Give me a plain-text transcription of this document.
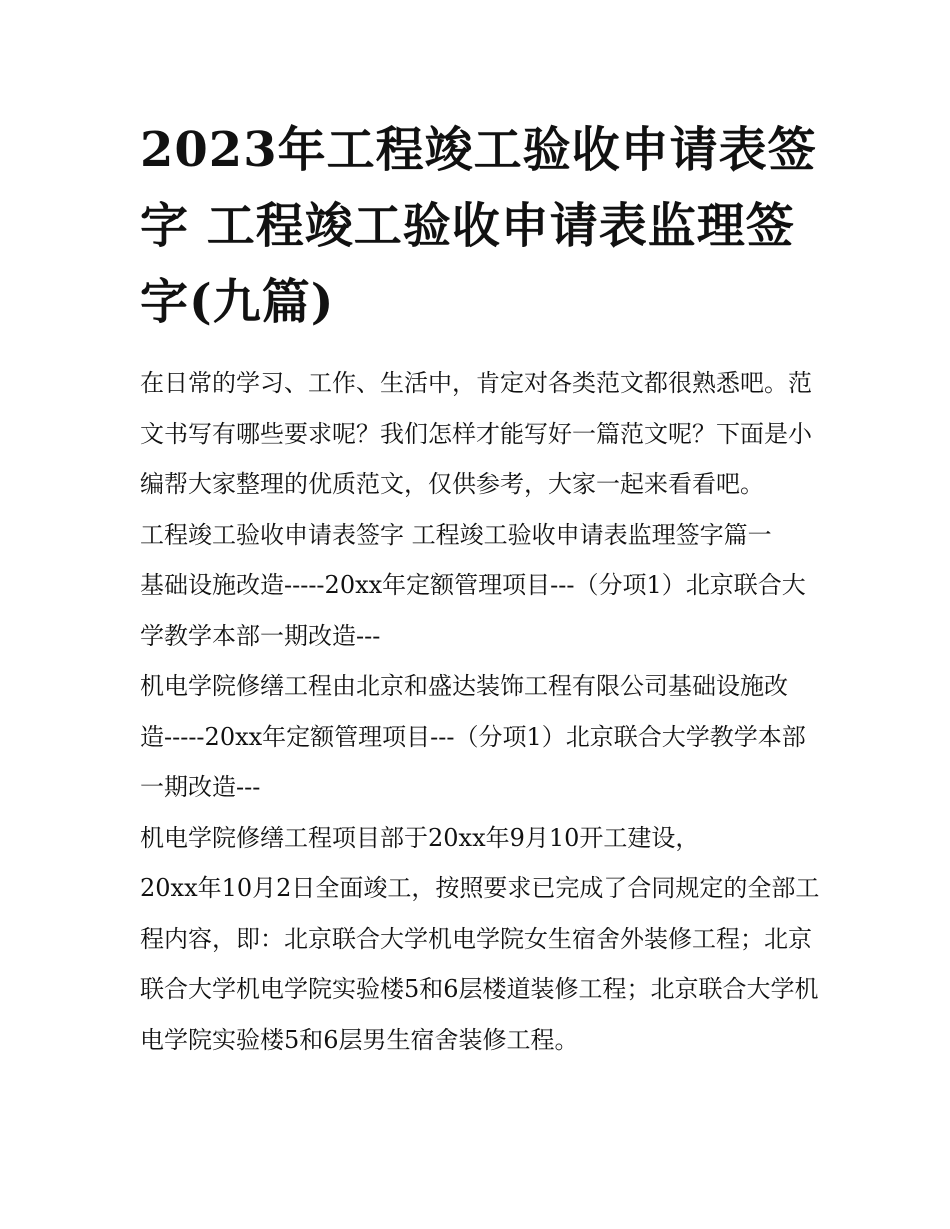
2023年工程竣工验收申请表签字 工程竣工验收申请表监理签字(九篇)

在日常的学习、工作、生活中，肯定对各类范文都很熟悉吧。范文书写有哪些要求呢？我们怎样才能写好一篇范文呢？下面是小编帮大家整理的优质范文，仅供参考，大家一起来看看吧。

工程竣工验收申请表签字 工程竣工验收申请表监理签字篇一

基础设施改造-----20xx年定额管理项目---（分项1）北京联合大学教学本部一期改造---

机电学院修缮工程由北京和盛达装饰工程有限公司基础设施改造-----20xx年定额管理项目---（分项1）北京联合大学教学本部一期改造---

机电学院修缮工程项目部于20xx年9月10开工建设，

20xx年10月2日全面竣工，按照要求已完成了合同规定的全部工程内容，即：北京联合大学机电学院女生宿舍外装修工程；北京联合大学机电学院实验楼5和6层楼道装修工程；北京联合大学机电学院实验楼5和6层男生宿舍装修工程。
